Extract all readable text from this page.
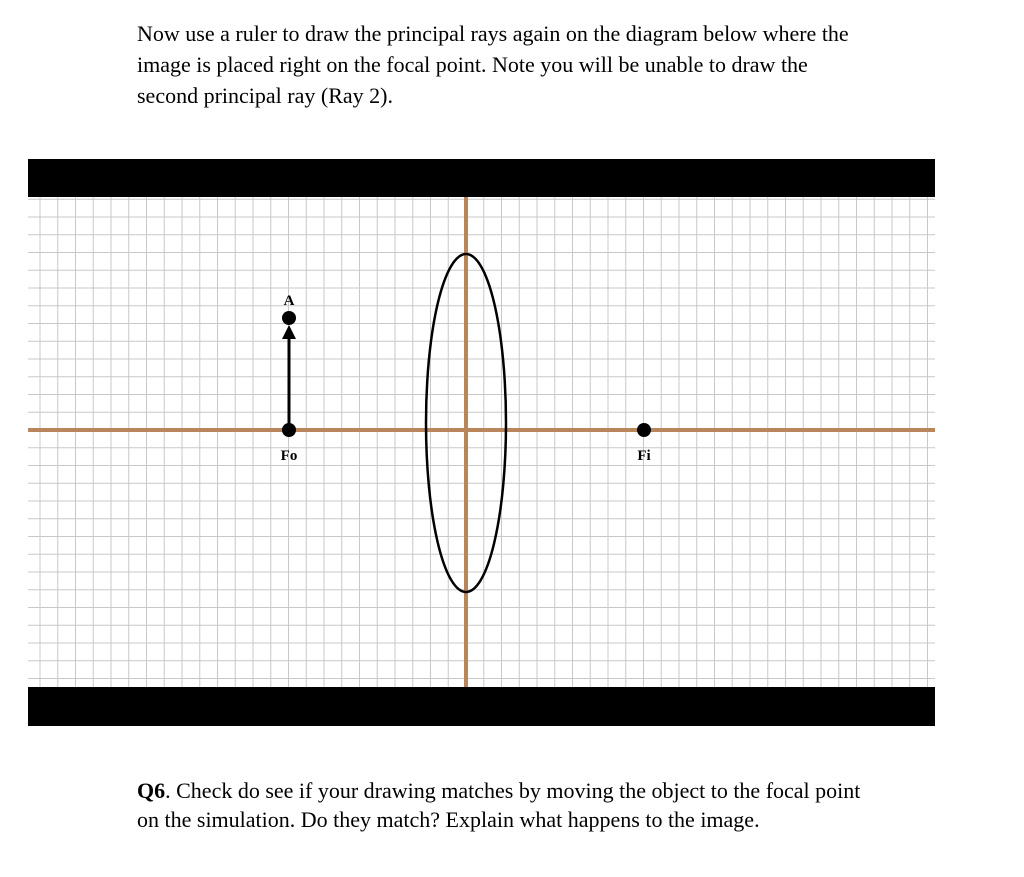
Now use a ruler to draw the principal rays again on the diagram below where the
image is placed right on the focal point. Note you will be unable to draw the
second principal ray (Ray 2).
A
Fo	Fi
Q6. Check do see if your drawing matches by moving the object to the focal point
on the simulation. Do they match? Explain what happens to the image.
